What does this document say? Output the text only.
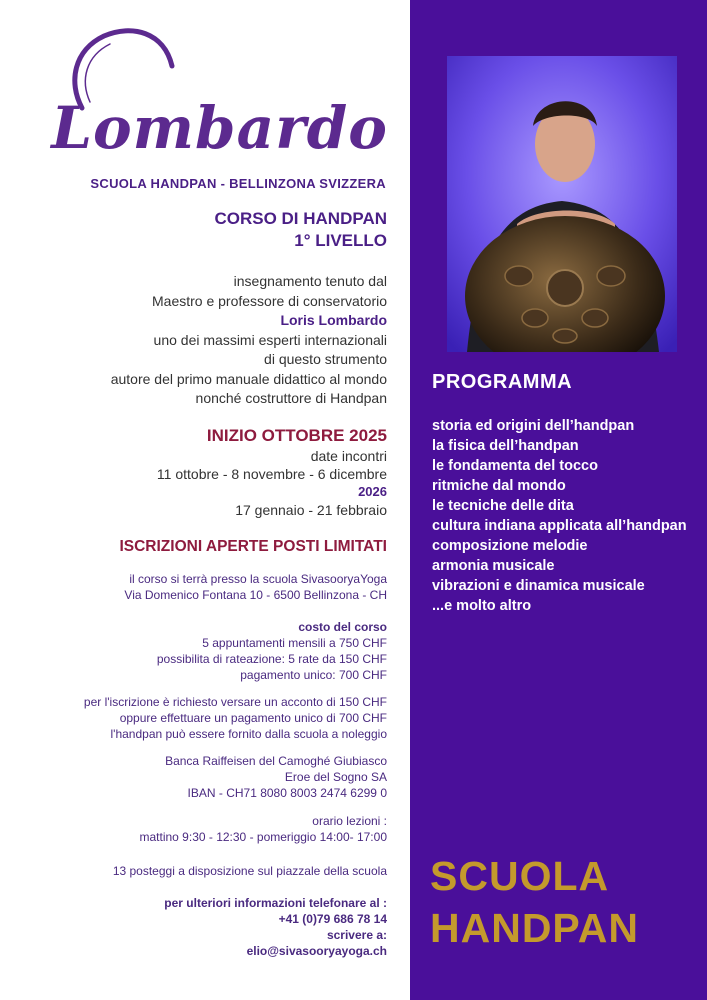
Lombardo
SCUOLA HANDPAN - BELLINZONA SVIZZERA
CORSO DI HANDPAN
1° LIVELLO
insegnamento tenuto dal
Maestro e professore di conservatorio
Loris Lombardo
uno dei massimi esperti internazionali
di questo strumento
autore del primo manuale didattico al mondo
nonché costruttore di Handpan
INIZIO OTTOBRE 2025
date incontri
11 ottobre - 8 novembre - 6 dicembre
2026
17 gennaio - 21 febbraio
ISCRIZIONI APERTE POSTI LIMITATI
il corso si terrà presso la scuola SivasooryaYoga
Via Domenico Fontana 10 - 6500 Bellinzona - CH
costo del corso
5 appuntamenti mensili a 750 CHF
possibilita di rateazione: 5 rate da 150 CHF
pagamento unico: 700 CHF
per l'iscrizione è richiesto versare un acconto di 150 CHF
oppure effettuare un pagamento unico di 700 CHF
l'handpan può essere fornito dalla scuola a noleggio
Banca Raiffeisen del Camoghé Giubiasco
Eroe del Sogno SA
IBAN - CH71 8080 8003 2474 6299 0
orario lezioni :
mattino 9:30 - 12:30 - pomeriggio 14:00- 17:00
13 posteggi a disposizione sul piazzale della scuola
per ulteriori informazioni telefonare al :
+41 (0)79 686 78 14
scrivere a:
elio@sivasooryayoga.ch
PROGRAMMA
storia ed origini dell’handpan
la fisica dell’handpan
le fondamenta del tocco
ritmiche dal mondo
le tecniche delle dita
cultura indiana applicata all’handpan
composizione melodie
armonia musicale
vibrazioni e dinamica musicale
...e molto altro
SCUOLA
HANDPAN
